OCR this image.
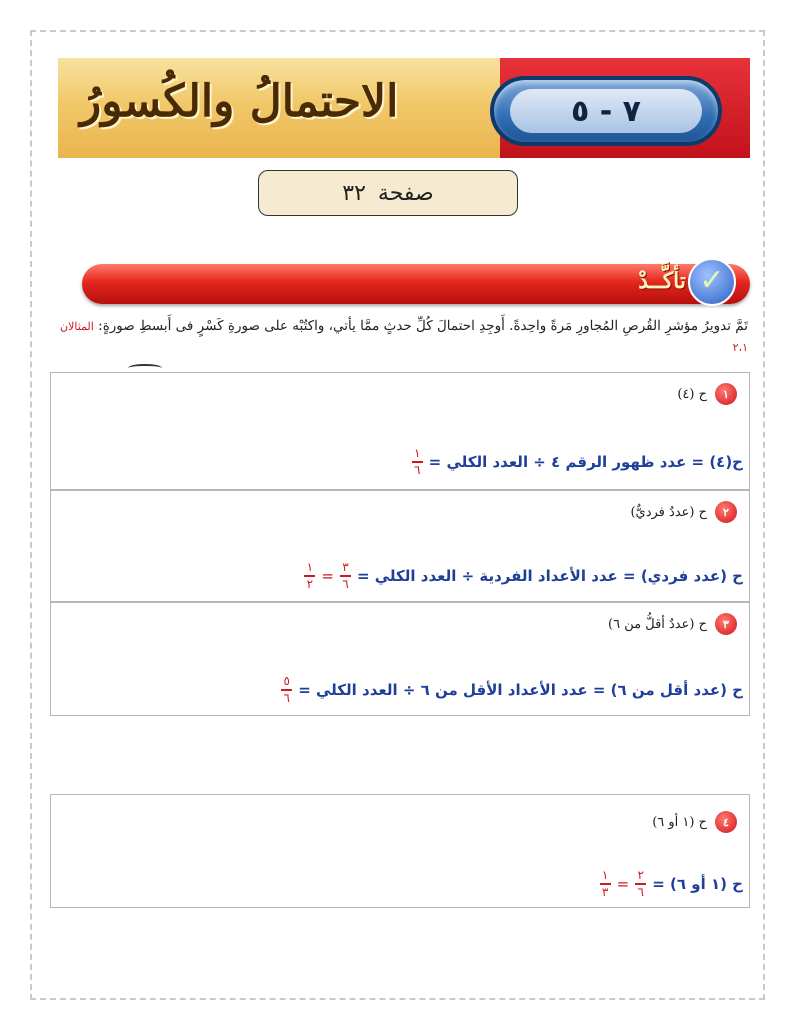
٧ - ٥
الاحتمالُ والكُسورُ
صفحة
٣٢
✓
تأكَّــدْ
تَمَّ تدويرُ مؤشرِ القُرصِ المُجاورِ مَرةً واحِدةً. أَوجِدِ احتمالَ كُلِّ حدثٍ ممَّا يأتي، واكتُبْه على صورةِ كَسْرٍ فى أَبسطِ صورةٍ: المثالان ٢،١
١
ح (٤)
ح(٤) = عدد ظهور الرقم ٤ ÷ العدد الكلي =
$\frac{١}{٦}$
٢
ح (عددٌ فرديٌّ)
ح (عدد فردي) = عدد الأعداد الفردية ÷ العدد الكلي =
$\frac{٣}{٦}$
=
$\frac{١}{٢}$
٣
ح (عددٌ أقلُّ من ٦)
ح (عدد أقل من ٦) = عدد الأعداد الأقل من ٦ ÷ العدد الكلي =
$\frac{٥}{٦}$
٤
ح (١ أو ٦)
ح (١ أو ٦) =
$\frac{٢}{٦}$
=
$\frac{١}{٣}$
